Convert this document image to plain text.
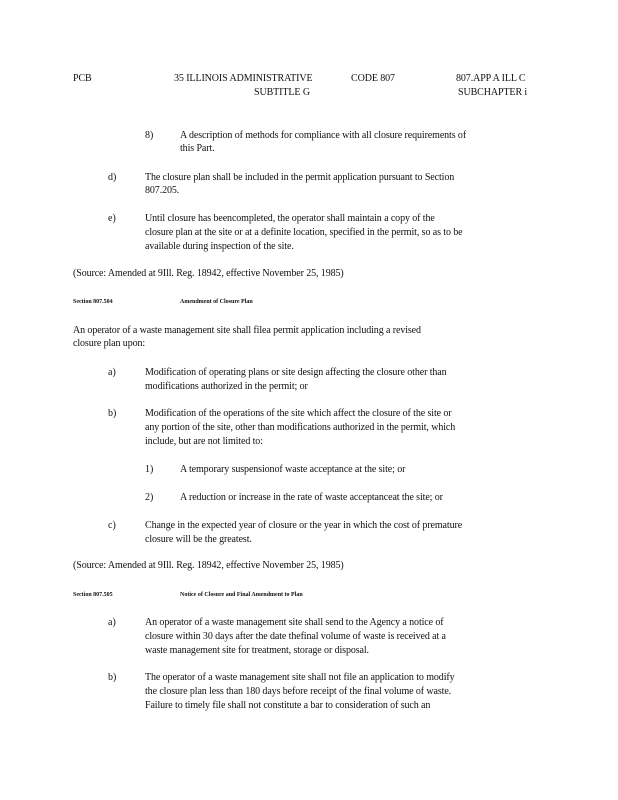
PCB	35 ILLINOIS ADMINISTRATIVE
SUBTITLE G
CODE 807	807.APP A ILL C
SUBCHAPTER i
8)	A description of methods for compliance with all closure requirements of
this Part.
d)	The closure plan shall be included in the permit application pursuant to Section
807.205.
e)	Until closure has beencompleted, the operator shall maintain a copy of the
closure plan at the site or at a definite location, specified in the permit, so as to be
available during inspection of the site.
(Source: Amended at 9Ill. Reg. 18942, effective November 25, 1985)
Section 807.504	Amendment of Closure Plan
An operator of a waste management site shall filea permit application including a revised
closure plan upon:
a)	Modification of operating plans or site design affecting the closure other than
modifications authorized in the permit; or
b)	Modification of the operations of the site which affect the closure of the site or
any portion of the site, other than modifications authorized in the permit, which
include, but are not limited to:
1)	A temporary suspensionof waste acceptance at the site; or
2)	A reduction or increase in the rate of waste acceptanceat the site; or
c)	Change in the expected year of closure or the year in which the cost of premature
closure will be the greatest.
(Source: Amended at 9Ill. Reg. 18942, effective November 25, 1985)
Section 807.505	Notice of Closure and Final Amendment to Plan
a)	An operator of a waste management site shall send to the Agency a notice of
closure within 30 days after the date thefinal volume of waste is received at a
waste management site for treatment, storage or disposal.
b)	The operator of a waste management site shall not file an application to modify
the closure plan less than 180 days before receipt of the final volume of waste.
Failure to timely file shall not constitute a bar to consideration of such an
